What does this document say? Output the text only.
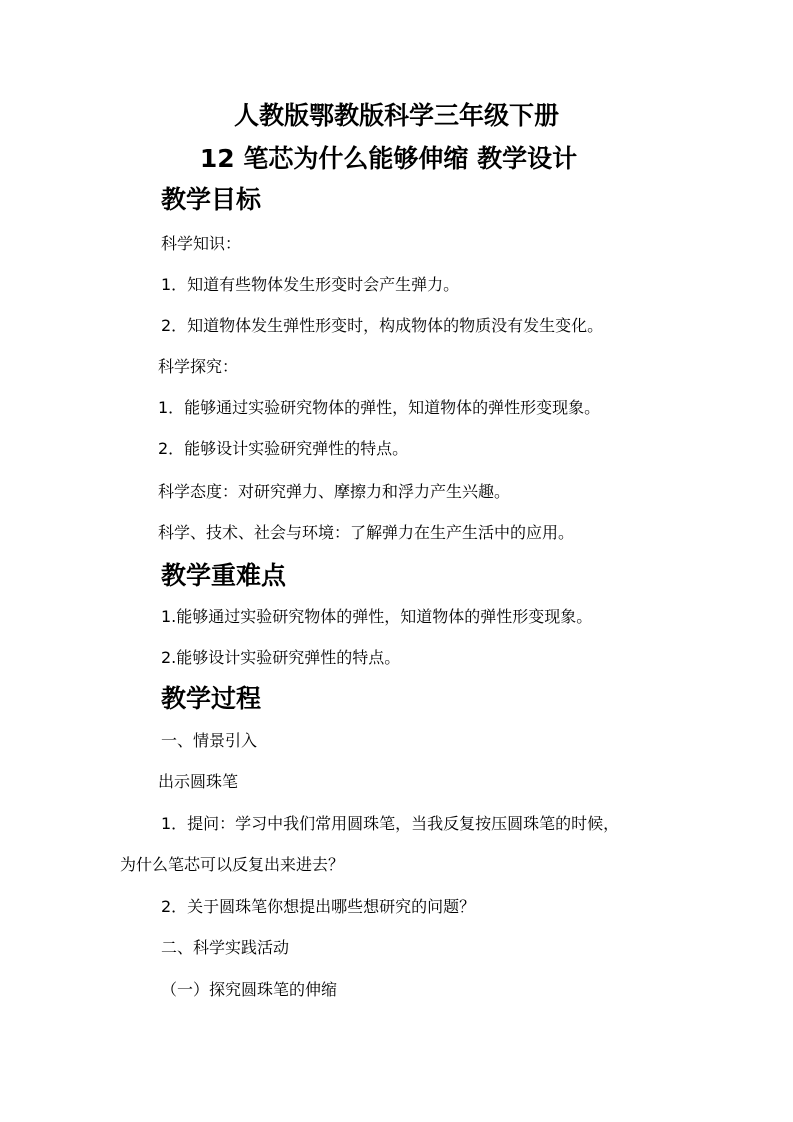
人教版鄂教版科学三年级下册
12 笔芯为什么能够伸缩 教学设计
教学目标
科学知识：
1．知道有些物体发生形变时会产生弹力。
2．知道物体发生弹性形变时，构成物体的物质没有发生变化。
科学探究：
1．能够通过实验研究物体的弹性，知道物体的弹性形变现象。
2．能够设计实验研究弹性的特点。
科学态度：对研究弹力、摩擦力和浮力产生兴趣。
科学、技术、社会与环境：了解弹力在生产生活中的应用。
教学重难点
1.能够通过实验研究物体的弹性，知道物体的弹性形变现象。
2.能够设计实验研究弹性的特点。
教学过程
一、情景引入
出示圆珠笔
1．提问：学习中我们常用圆珠笔，当我反复按压圆珠笔的时候，
为什么笔芯可以反复出来进去？
2．关于圆珠笔你想提出哪些想研究的问题？
二、科学实践活动
（一）探究圆珠笔的伸缩
